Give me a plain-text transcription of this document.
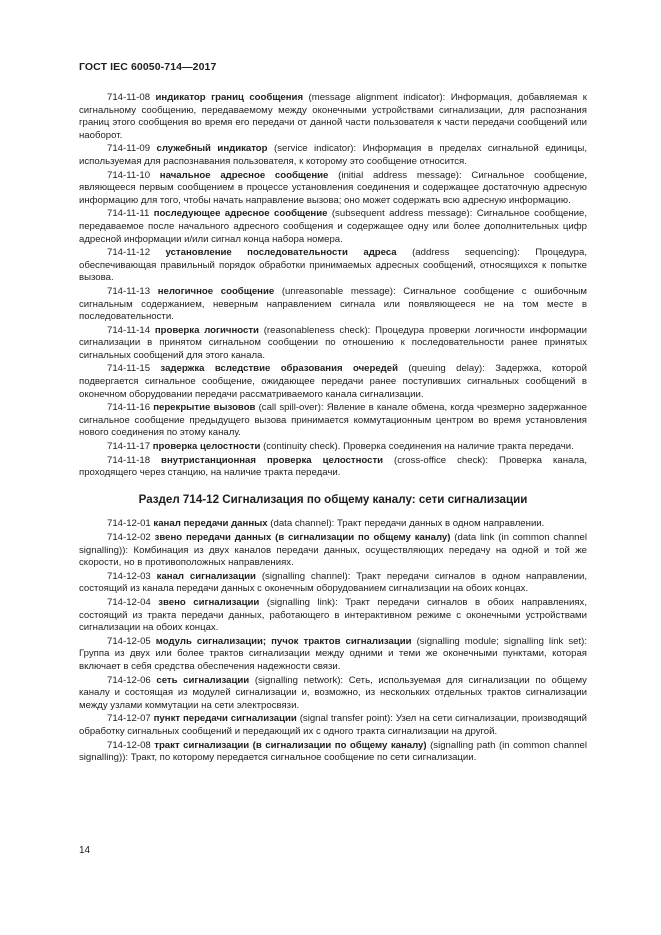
ГОСТ IEC 60050-714—2017

714-11-08 индикатор границ сообщения (message alignment indicator): Информация, добавляемая к сигнальному сообщению, передаваемому между оконечными устройствами сигнализации, для распознания границ этого сообщения во время его передачи от данной части пользователя к части передачи сообщений или наоборот.

714-11-09 служебный индикатор (service indicator): Информация в пределах сигнальной единицы, используемая для распознавания пользователя, к которому это сообщение относится.

714-11-10 начальное адресное сообщение (initial address message): Сигнальное сообщение, являющееся первым сообщением в процессе установления соединения и содержащее достаточную адресную информацию для того, чтобы начать направление вызова; оно может содержать всю адресную информацию.

714-11-11 последующее адресное сообщение (subsequent address message): Сигнальное сообщение, передаваемое после начального адресного сообщения и содержащее одну или более дополнительных цифр адресной информации и/или сигнал конца набора номера.

714-11-12 установление последовательности адреса (address sequencing): Процедура, обеспечивающая правильный порядок обработки принимаемых адресных сообщений, относящихся к попытке вызова.

714-11-13 нелогичное сообщение (unreasonable message): Сигнальное сообщение с ошибочным сигнальным содержанием, неверным направлением сигнала или появляющееся не на том месте в последовательности.

714-11-14 проверка логичности (reasonableness check): Процедура проверки логичности информации сигнализации в принятом сигнальном сообщении по отношению к последовательности ранее принятых сигнальных сообщений для этого канала.

714-11-15 задержка вследствие образования очередей (queuing delay): Задержка, которой подвергается сигнальное сообщение, ожидающее передачи ранее поступивших сигнальных сообщений в оконечном оборудовании передачи рассматриваемого канала сигнализации.

714-11-16 перекрытие вызовов (call spill-over): Явление в канале обмена, когда чрезмерно задержанное сигнальное сообщение предыдущего вызова принимается коммутационным центром во время установления нового соединения по этому каналу.

714-11-17 проверка целостности (continuity check). Проверка соединения на наличие тракта передачи.

714-11-18 внутристанционная проверка целостности (cross-office check): Проверка канала, проходящего через станцию, на наличие тракта передачи.

Раздел 714-12 Сигнализация по общему каналу: сети сигнализации

714-12-01 канал передачи данных (data channel): Тракт передачи данных в одном направлении.

714-12-02 звено передачи данных (в сигнализации по общему каналу) (data link (in common channel signalling)): Комбинация из двух каналов передачи данных, осуществляющих передачу на одной и той же скорости, но в противоположных направлениях.

714-12-03 канал сигнализации (signalling channel): Тракт передачи сигналов в одном направлении, состоящий из канала передачи данных с оконечным оборудованием сигнализации на обоих концах.

714-12-04 звено сигнализации (signalling link): Тракт передачи сигналов в обоих направлениях, состоящий из тракта передачи данных, работающего в интерактивном режиме с оконечными устройствами сигнализации на обоих концах.

714-12-05 модуль сигнализации; пучок трактов сигнализации (signalling module; signalling link set): Группа из двух или более трактов сигнализации между одними и теми же оконечными пунктами, которая включает в себя средства обеспечения надежности связи.

714-12-06 сеть сигнализации (signalling network): Сеть, используемая для сигнализации по общему каналу и состоящая из модулей сигнализации и, возможно, из нескольких отдельных трактов сигнализации между узлами коммутации на сети электросвязи.

714-12-07 пункт передачи сигнализации (signal transfer point): Узел на сети сигнализации, производящий обработку сигнальных сообщений и передающий их с одного тракта сигнализации на другой.

714-12-08 тракт сигнализации (в сигнализации по общему каналу) (signalling path (in common channel signalling)): Тракт, по которому передается сигнальное сообщение по сети сигнализации.

14
